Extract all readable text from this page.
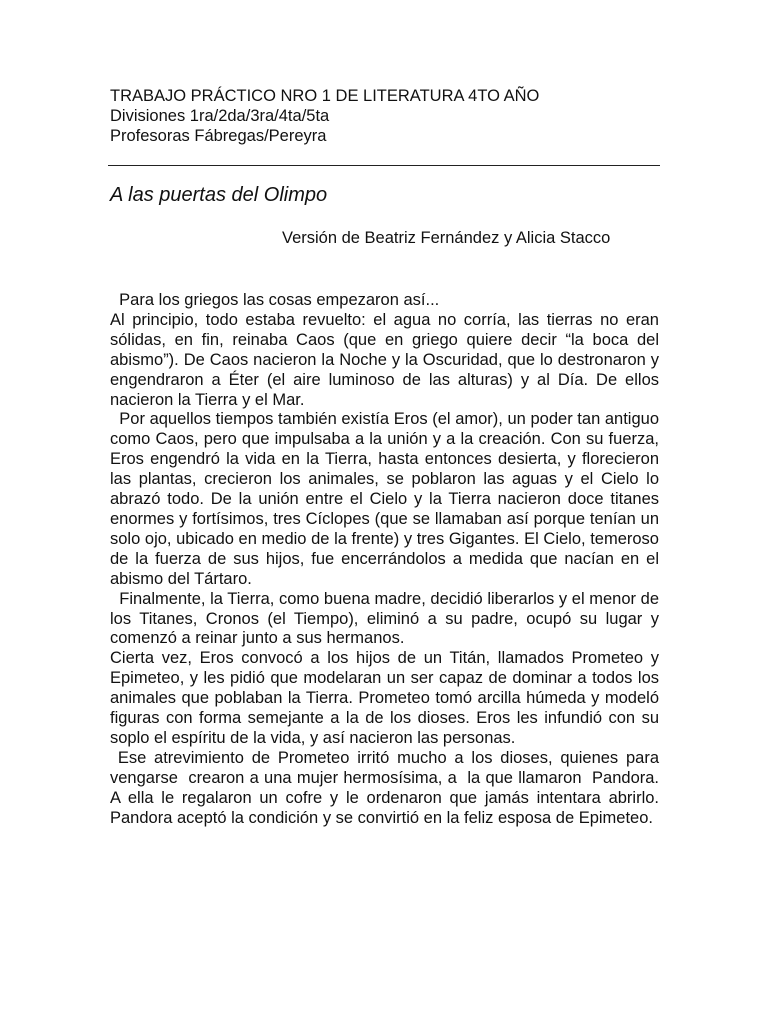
TRABAJO PRÁCTICO NRO 1 DE LITERATURA 4TO AÑO
Divisiones 1ra/2da/3ra/4ta/5ta
Profesoras Fábregas/Pereyra
A las puertas del Olimpo
Versión de Beatriz Fernández y Alicia Stacco

Para los griegos las cosas empezaron así...

Al principio, todo estaba revuelto: el agua no corría, las tierras no eran sólidas, en fin, reinaba Caos (que en griego quiere decir “la boca del abismo”). De Caos nacieron la Noche y la Oscuridad, que lo destronaron y engendraron a Éter (el aire luminoso de las alturas) y al Día. De ellos nacieron la Tierra y el Mar.

Por aquellos tiempos también existía Eros (el amor), un poder tan antiguo como Caos, pero que impulsaba a la unión y a la creación. Con su fuerza, Eros engendró la vida en la Tierra, hasta entonces desierta, y florecieron las plantas, crecieron los animales, se poblaron las aguas y el Cielo lo abrazó todo. De la unión entre el Cielo y la Tierra nacieron doce titanes enormes y fortísimos, tres Cíclopes (que se llamaban así porque tenían un solo ojo, ubicado en medio de la frente) y tres Gigantes. El Cielo, temeroso de la fuerza de sus hijos, fue encerrándolos a medida que nacían en el abismo del Tártaro.

Finalmente, la Tierra, como buena madre, decidió liberarlos y el menor de los Titanes, Cronos (el Tiempo), eliminó a su padre, ocupó su lugar y comenzó a reinar junto a sus hermanos.

Cierta vez, Eros convocó a los hijos de un Titán, llamados Prometeo y Epimeteo, y les pidió que modelaran un ser capaz de dominar a todos los animales que poblaban la Tierra. Prometeo tomó arcilla húmeda y modeló figuras con forma semejante a la de los dioses. Eros les infundió con su soplo el espíritu de la vida, y así nacieron las personas.

Ese atrevimiento de Prometeo irritó mucho a los dioses, quienes para  vengarse  crearon a una mujer hermosísima, a  la que llamaron  Pandora. A ella le regalaron un cofre y le ordenaron que jamás intentara abrirlo. Pandora aceptó la condición y se convirtió en la feliz esposa de Epimeteo.
